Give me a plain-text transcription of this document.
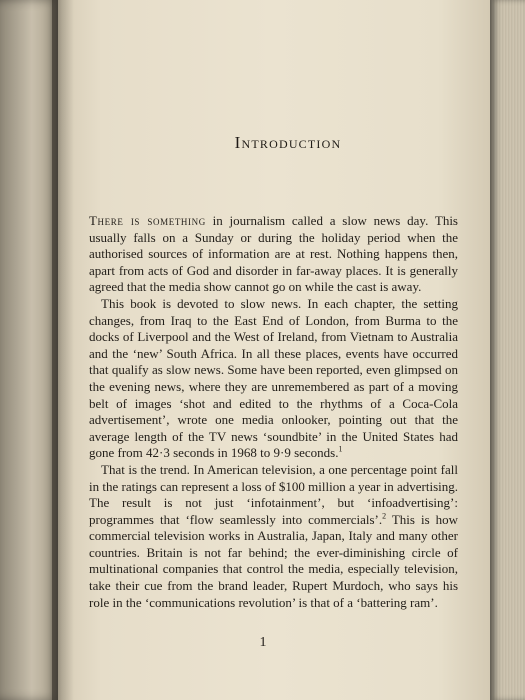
Introduction

There is something in journalism called a slow news day. This usually falls on a Sunday or during the holiday period when the authorised sources of information are at rest. Nothing happens then, apart from acts of God and disorder in far-away places. It is generally agreed that the media show cannot go on while the cast is away.

This book is devoted to slow news. In each chapter, the setting changes, from Iraq to the East End of London, from Burma to the docks of Liverpool and the West of Ireland, from Vietnam to Australia and the ‘new’ South Africa. In all these places, events have occurred that qualify as slow news. Some have been reported, even glimpsed on the evening news, where they are unremembered as part of a moving belt of images ‘shot and edited to the rhythms of a Coca-Cola advertisement’, wrote one media onlooker, pointing out that the average length of the TV news ‘soundbite’ in the United States had gone from 42·3 seconds in 1968 to 9·9 seconds.$^1$

That is the trend. In American television, a one percentage point fall in the ratings can represent a loss of $100 million a year in advertising. The result is not just ‘infotainment’, but ‘infoadvertising’: programmes that ‘flow seamlessly into commercials’.$^2$ This is how commercial television works in Australia, Japan, Italy and many other countries. Britain is not far behind; the ever-diminishing circle of multinational companies that control the media, especially television, take their cue from the brand leader, Rupert Murdoch, who says his role in the ‘communications revolution’ is that of a ‘battering ram’.

1
